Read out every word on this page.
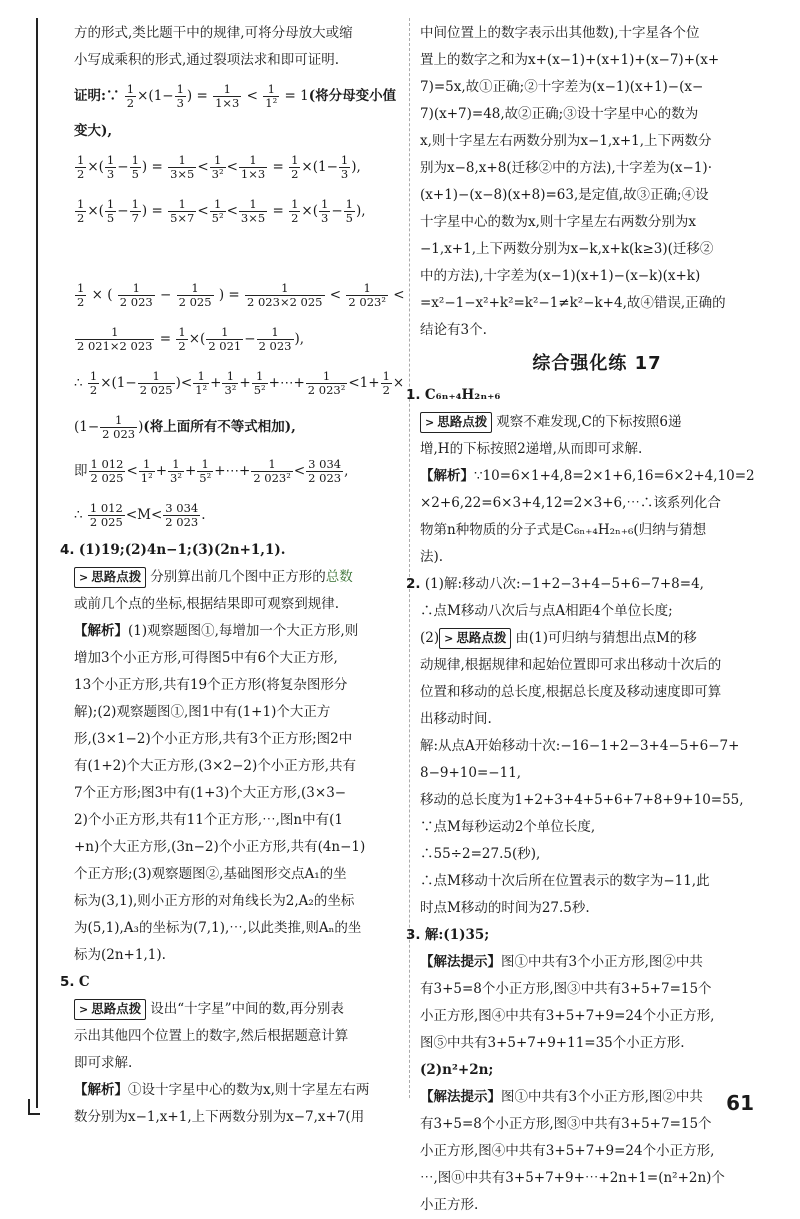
方的形式,类比题干中的规律,可将分母放大或缩

小写成乘积的形式,通过裂项法求和即可证明.

证明:∵ $\frac{1}{2} \times(1- \frac{1}{3}$ ) = $\frac{1}{1\times 3} < \frac{1}{\text{1²}} = 1$(将分母变小值

变大),

$\frac{1}{2}$ ×( $\frac{1}{3} - \frac{1}{5}$ ) = $\frac{1}{3\times 5} < \frac{1}{\text{3²}} < \frac{1}{1\times 3} = \frac{1}{2} \times(1- \frac{1}{3}$ ),

$\frac{1}{2}$ ×( $\frac{1}{5} - \frac{1}{7}$ ) = $\frac{1}{5\times 7} < \frac{1}{\text{5²}} < \frac{1}{3\times 5} = \frac{1}{2}$ ×( $\frac{1}{3} - \frac{1}{5}$ ),

$\frac{1}{2}$ × ( $\frac{1}{2 023} - \frac{1}{2 025}$ ) = $\frac{1}{2 023\times 2 025} < \frac{1}{\text{2 023²}}$ <

$\frac{1}{2 021\times 2 023} = \frac{1}{2}$ ×( $\frac{1}{2 021} - \frac{1}{2 023}$ ),

∴ $\frac{1}{2} \times(1- \frac{1}{2 025}$ )< $\frac{1}{\text{1²}} + \frac{1}{\text{3²}} + \frac{1}{\text{5²}}$ +⋯+ $\frac{1}{\text{2 023²}} <1+ \frac{1}{2}$ ×

($1- \frac{1}{2 023}$ )(将上面所有不等式相加),

即 $\frac{1 012}{2 025} < \frac{1}{\text{1²}} + \frac{1}{\text{3²}} + \frac{1}{\text{5²}}$ +⋯+ $\frac{1}{\text{2 023²}} < \frac{3 034}{2 023}$ ,

∴ $\frac{1 012}{2 025} <M< \frac{3 034}{2 023}$ .

4. (1)19;(2)4n−1;(3)(2n+1,1).

> 思路点拨 分别算出前几个图中正方形的总数

或前几个点的坐标,根据结果即可观察到规律.

【解析】(1)观察题图①,每增加一个大正方形,则

增加3个小正方形,可得图5中有6个大正方形,

13个小正方形,共有19个正方形(将复杂图形分

解);(2)观察题图①,图1中有(1+1)个大正方

形,(3×1−2)个小正方形,共有3个正方形;图2中

有(1+2)个大正方形,(3×2−2)个小正方形,共有

7个正方形;图3中有(1+3)个大正方形,(3×3−

2)个小正方形,共有11个正方形,⋯,图n中有(1

+n)个大正方形,(3n−2)个小正方形,共有(4n−1)

个正方形;(3)观察题图②,基础图形交点A₁的坐

标为(3,1),则小正方形的对角线长为2,A₂的坐标

为(5,1),A₃的坐标为(7,1),⋯,以此类推,则Aₙ的坐

标为(2n+1,1).

5. C

> 思路点拨 设出“十字星”中间的数,再分别表

示出其他四个位置上的数字,然后根据题意计算

即可求解.

【解析】①设十字星中心的数为x,则十字星左右两

数分别为x−1,x+1,上下两数分别为x−7,x+7(用

中间位置上的数字表示出其他数),十字星各个位

置上的数字之和为x+(x−1)+(x+1)+(x−7)+(x+

7)=5x,故①正确;②十字差为(x−1)(x+1)−(x−

7)(x+7)=48,故②正确;③设十字星中心的数为

x,则十字星左右两数分别为x−1,x+1,上下两数分

别为x−8,x+8(迁移②中的方法),十字差为(x−1)·

(x+1)−(x−8)(x+8)=63,是定值,故③正确;④设

十字星中心的数为x,则十字星左右两数分别为x

−1,x+1,上下两数分别为x−k,x+k(k≥3)(迁移②

中的方法),十字差为(x−1)(x+1)−(x−k)(x+k)

=x²−1−x²+k²=k²−1≠k²−k+4,故④错误,正确的

结论有3个.

综合强化练 17

1. C₆ₙ₊₄H₂ₙ₊₆

> 思路点拨 观察不难发现,C的下标按照6递

增,H的下标按照2递增,从而即可求解.

【解析】∵10=6×1+4,8=2×1+6,16=6×2+4,10=2

×2+6,22=6×3+4,12=2×3+6,⋯∴该系列化合

物第n种物质的分子式是C₆ₙ₊₄H₂ₙ₊₆(归纳与猜想

法).

2. (1)解:移动八次:−1+2−3+4−5+6−7+8=4,

∴点M移动八次后与点A相距4个单位长度;

(2) > 思路点拨 由(1)可归纳与猜想出点M的移

动规律,根据规律和起始位置即可求出移动十次后的

位置和移动的总长度,根据总长度及移动速度即可算

出移动时间.

解:从点A开始移动十次:−16−1+2−3+4−5+6−7+

8−9+10=−11,

移动的总长度为1+2+3+4+5+6+7+8+9+10=55,

∵点M每秒运动2个单位长度,

∴55÷2=27.5(秒),

∴点M移动十次后所在位置表示的数字为−11,此

时点M移动的时间为27.5秒.

3. 解:(1)35;

【解法提示】图①中共有3个小正方形,图②中共

有3+5=8个小正方形,图③中共有3+5+7=15个

小正方形,图④中共有3+5+7+9=24个小正方形,

图⑤中共有3+5+7+9+11=35个小正方形.

(2)n²+2n;

【解法提示】图①中共有3个小正方形,图②中共

有3+5=8个小正方形,图③中共有3+5+7=15个

小正方形,图④中共有3+5+7+9=24个小正方形,

⋯,图ⓝ中共有3+5+7+9+⋯+2n+1=(n²+2n)个

小正方形.

61
